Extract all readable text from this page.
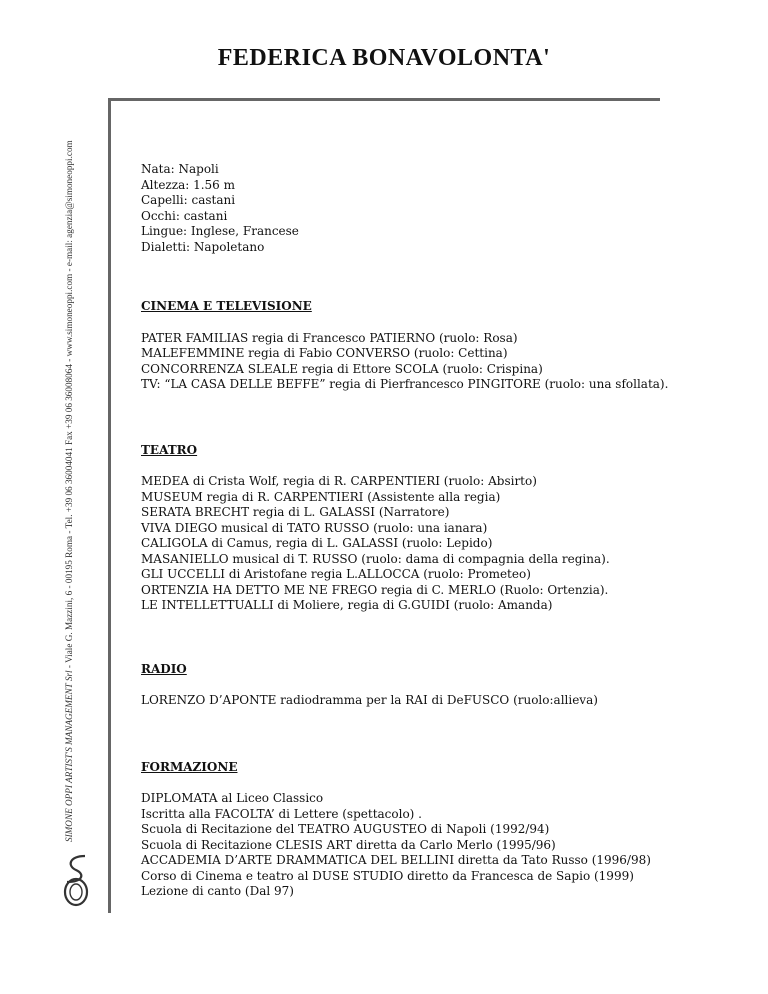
FEDERICA BONAVOLONTA'
SIMONE OPPI ARTIST'S MANAGEMENT Srl - Viale G. Mazzini, 6 - 00195 Roma - Tel. +39 06 36004041 Fax +39 06 36008064 - www.simoneoppi.com - e-mail: agenzia@simoneoppi.com	Nata: Napoli
Altezza: 1.56 m
Capelli: castani
Occhi: castani
Lingue: Inglese, Francese
Dialetti: Napoletano
CINEMA E TELEVISIONE
PATER FAMILIAS regia di Francesco PATIERNO (ruolo: Rosa)
MALEFEMMINE regia di Fabio CONVERSO (ruolo: Cettina)
CONCORRENZA SLEALE regia di Ettore SCOLA (ruolo: Crispina)
TV: “LA CASA DELLE BEFFE” regia di Pierfrancesco PINGITORE (ruolo: una sfollata).
TEATRO
MEDEA di Crista Wolf, regia di R. CARPENTIERI (ruolo: Absirto)
MUSEUM regia di R. CARPENTIERI (Assistente alla regia)
SERATA BRECHT regia di L. GALASSI (Narratore)
VIVA DIEGO musical di TATO RUSSO (ruolo: una ianara)
CALIGOLA di Camus, regia di L. GALASSI (ruolo: Lepido)
MASANIELLO musical di T. RUSSO (ruolo: dama di compagnia della regina).
GLI UCCELLI di Aristofane regia L.ALLOCCA (ruolo: Prometeo)
ORTENZIA HA DETTO ME NE FREGO regia di C. MERLO (Ruolo: Ortenzia).
LE INTELLETTUALLI di Moliere, regia di G.GUIDI (ruolo: Amanda)
RADIO
LORENZO D’APONTE radiodramma per la RAI di DeFUSCO (ruolo:allieva)
FORMAZIONE
DIPLOMATA al Liceo Classico
Iscritta alla FACOLTA’ di Lettere (spettacolo) .
Scuola di Recitazione del TEATRO AUGUSTEO di Napoli (1992/94)
Scuola di Recitazione CLESIS ART diretta da Carlo Merlo (1995/96)
ACCADEMIA D’ARTE DRAMMATICA DEL BELLINI diretta da Tato Russo (1996/98)
Corso di Cinema e teatro al DUSE STUDIO diretto da Francesca de Sapio (1999)
Lezione di canto (Dal 97)
